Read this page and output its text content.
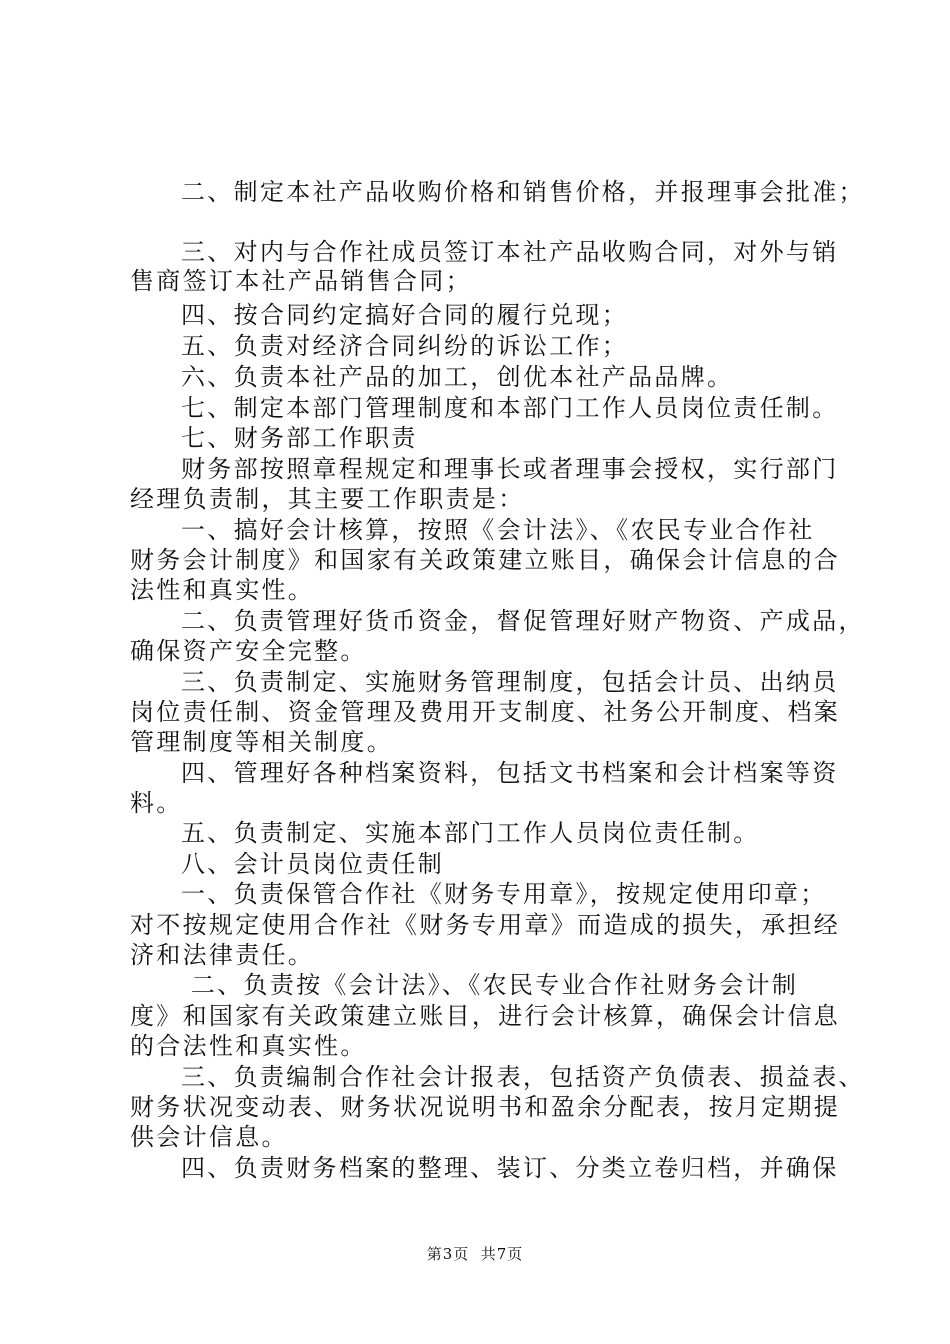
二、制定本社产品收购价格和销售价格，并报理事会批准；
三、对内与合作社成员签订本社产品收购合同，对外与销
售商签订本社产品销售合同；
四、按合同约定搞好合同的履行兑现；
五、负责对经济合同纠纷的诉讼工作；
六、负责本社产品的加工，创优本社产品品牌。
七、制定本部门管理制度和本部门工作人员岗位责任制。
七、财务部工作职责
财务部按照章程规定和理事长或者理事会授权，实行部门
经理负责制，其主要工作职责是：
一、搞好会计核算，按照《会计法》、《农民专业合作社
财务会计制度》和国家有关政策建立账目，确保会计信息的合
法性和真实性。
二、负责管理好货币资金，督促管理好财产物资、产成品，
确保资产安全完整。
三、负责制定、实施财务管理制度，包括会计员、出纳员
岗位责任制、资金管理及费用开支制度、社务公开制度、档案
管理制度等相关制度。
四、管理好各种档案资料，包括文书档案和会计档案等资
料。
五、负责制定、实施本部门工作人员岗位责任制。
八、会计员岗位责任制
一、负责保管合作社《财务专用章》，按规定使用印章；
对不按规定使用合作社《财务专用章》而造成的损失，承担经
济和法律责任。
二、负责按《会计法》、《农民专业合作社财务会计制
度》和国家有关政策建立账目，进行会计核算，确保会计信息
的合法性和真实性。
三、负责编制合作社会计报表，包括资产负债表、损益表、
财务状况变动表、财务状况说明书和盈余分配表，按月定期提
供会计信息。
四、负责财务档案的整理、装订、分类立卷归档，并确保
第3页  共7页
